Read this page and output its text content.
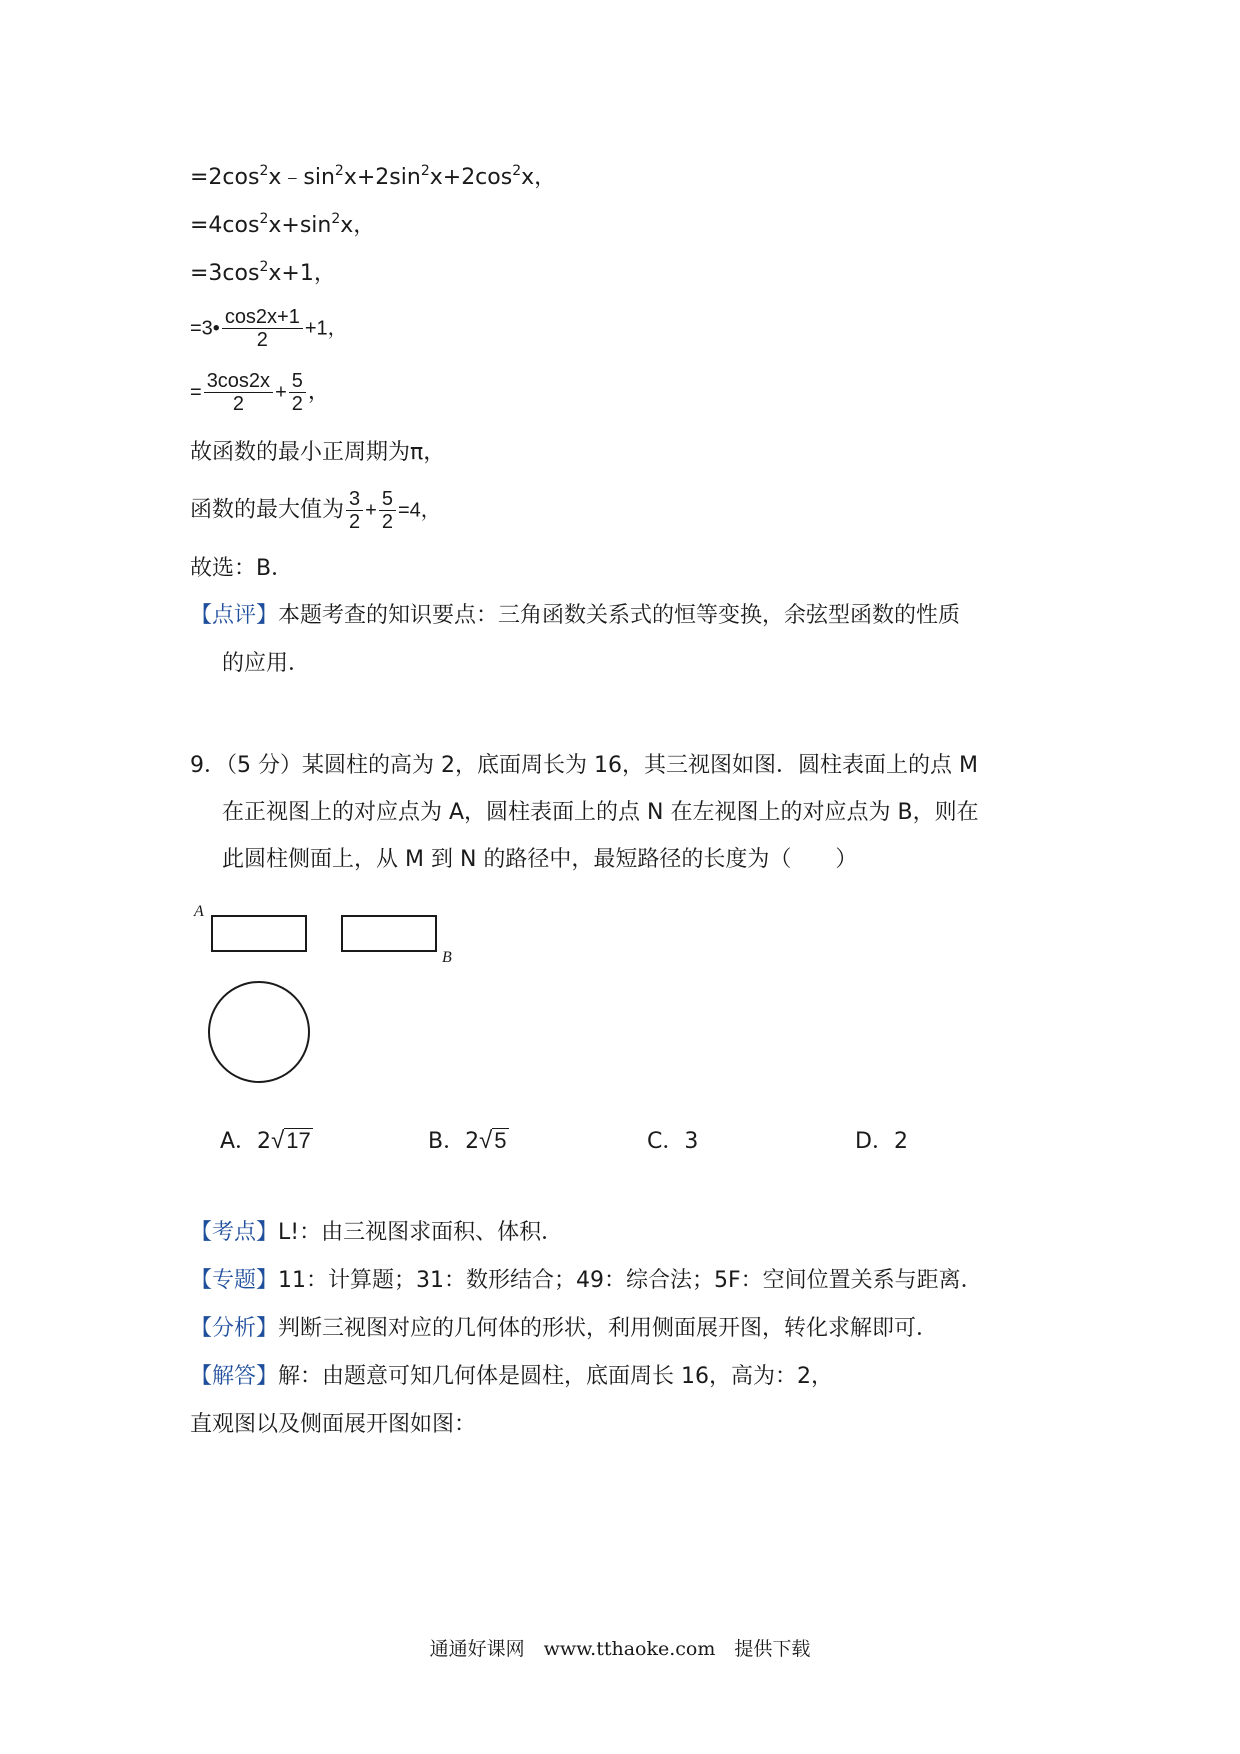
$=2\cos^2x﹣\sin^2x+2\sin^2x+2\cos^2x$，
$=4\cos^2x+\sin^2x$，
$=3\cos^2x+1$，
=3• $\frac{\cos 2x+1}{2} +1$，
= $\frac{3\cos 2x}{2} + \frac{5}{2}$ ，
故函数的最小正周期为π，
函数的最大值为 $\frac{3}{2} + \frac{5}{2} =4$，
故选：B．
【点评】本题考查的知识要点：三角函数关系式的恒等变换，余弦型函数的性质
的应用．
9．（5 分）某圆柱的高为 2，底面周长为 16，其三视图如图．圆柱表面上的点 M
在正视图上的对应点为 A，圆柱表面上的点 N 在左视图上的对应点为 B，则在
此圆柱侧面上，从 M 到 N 的路径中，最短路径的长度为（　　）
A
B
A．2 √ 17	B．2 √ 5	C．3	D．2
【考点】L!：由三视图求面积、体积．
【专题】11：计算题；31：数形结合；49：综合法；5F：空间位置关系与距离．
【分析】判断三视图对应的几何体的形状，利用侧面展开图，转化求解即可．
【解答】解：由题意可知几何体是圆柱，底面周长 16，高为：2，
直观图以及侧面展开图如图：
通通好课网　www.tthaoke.com　提供下载
